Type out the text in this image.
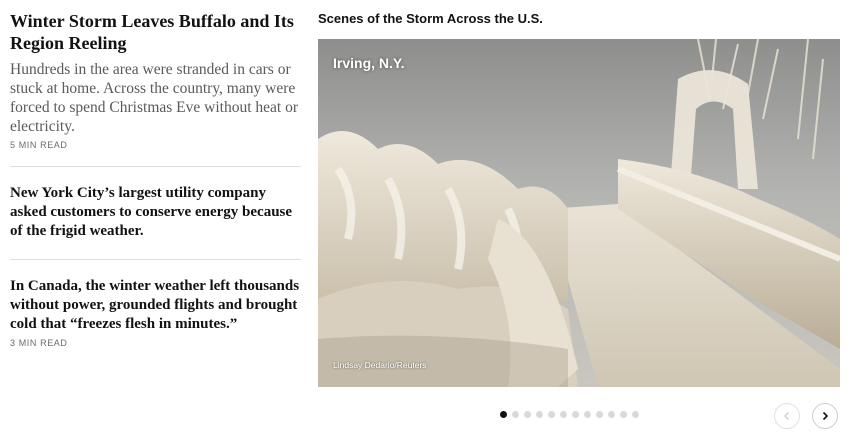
Winter Storm Leaves Buffalo and Its Region Reeling

Hundreds in the area were stranded in cars or stuck at home. Across the country, many were forced to spend Christmas Eve without heat or electricity.

5 MIN READ
New York City’s largest utility company asked customers to conserve energy because of the frigid weather.
In Canada, the winter weather left thousands without power, grounded flights and brought cold that “freezes flesh in minutes.”
3 MIN READ
Scenes of the Storm Across the U.S.
Irving, N.Y.
Lindsay Dedario/Reuters
